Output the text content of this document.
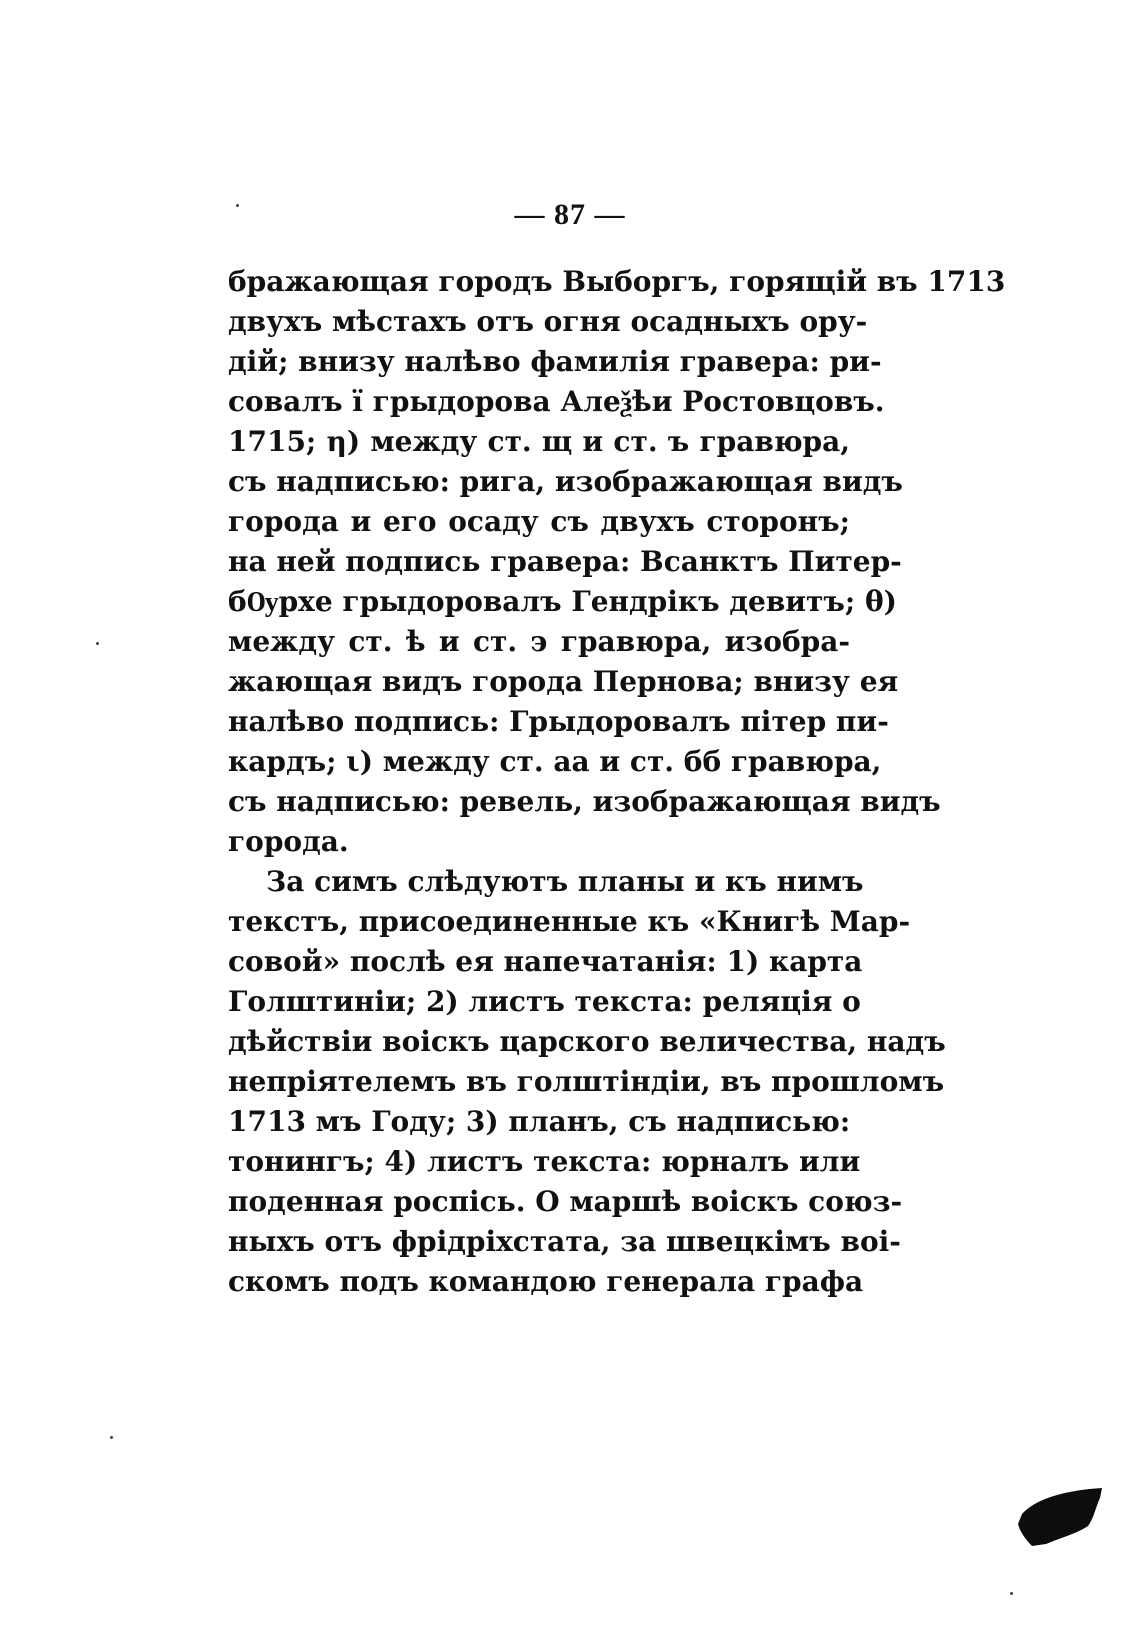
— 87 —
бражающая городъ Выборгъ, горящій въ 1713
двухъ мѣстахъ отъ огня осадныхъ ору-
дій; внизу налѣво фамилія гравера: ри-
совалъ ї грыдорова Алеѯѣи Ростовцовъ.
1715; η) между ст. щ и ст. ъ гравюра,
съ надписью: рига, изображающая видъ
города и его осаду съ двухъ сторонъ;
на ней подпись гравера: Всанктъ Питер-
бѸрхе грыдоровалъ Гендрікъ девитъ; θ)
между ст. ѣ и ст. э гравюра, изобра-
жающая видъ города Пернова; внизу ея
налѣво подпись: Грыдоровалъ пітер пи-
кардъ; ι) между ст. аа и ст. бб гравюра,
съ надписью: ревель, изображающая видъ
города.
За симъ слѣдуютъ планы и къ нимъ
текстъ, присоединенные къ «Книгѣ Мар-
совой» послѣ ея напечатанія: 1) карта
Голштиніи; 2) листъ текста: реляція о
дѣйствіи воіскъ царского величества, надъ
непріятелемъ въ голштіндіи, въ прошломъ
1713 мъ Году; 3) планъ, съ надписью:
тонингъ; 4) листъ текста: юрналъ или
поденная роспісь. О маршѣ воіскъ союз-
ныхъ отъ фрідріхстата, за швецкімъ воі-
скомъ подъ командою генерала графа
